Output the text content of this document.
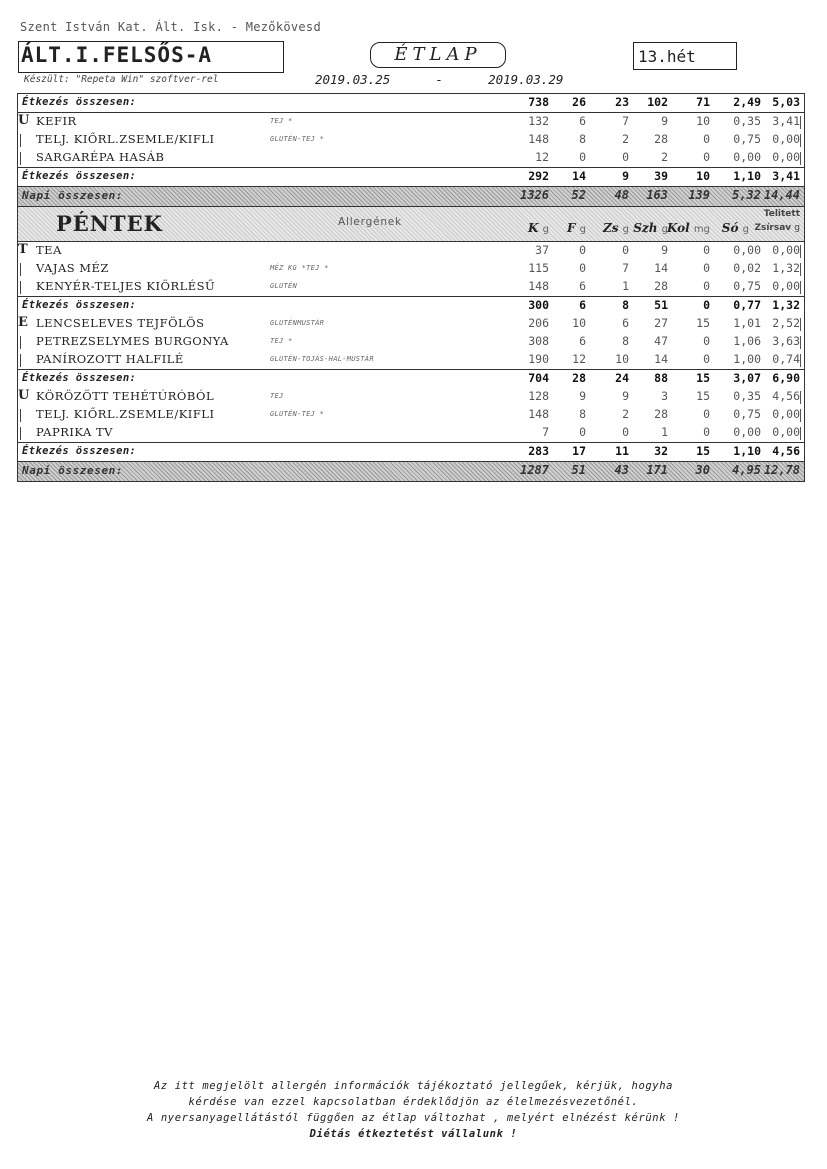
Szent István Kat. Ált. Isk. - Mezőkövesd
ÁLT.I.FELSŐS-A	ÉTLAP	13.hét
Készült: "Repeta Win" szoftver-rel	2019.03.25	-	2019.03.29
Étkezés összesen:	738 26	23 102 71 2,49 5,03
U KEFIR	TEJ *	132	6	7	9 10 0,35 3,41
TELJ. KIŐRL.ZSEMLE/KIFLI	GLUTÉN-TEJ *	148	8	2 28	0 0,75 0,00
SARGARÉPA HASÁB	12	0	0	2	0 0,00 0,00
Étkezés összesen:	292 14	9 39 10 1,10 3,41
Napi összesen:	1326 52 48 163 139 5,32 14,44
PÉNTEK	Allergének	K g F g Zs g Szh g Kol mg Só g
Telitett
Zsírsav g
T TEA	37	0	0	9	0 0,00 0,00
VAJAS MÉZ	MÉZ KG *TEJ *	115	0	7 14	0 0,02 1,32
KENYÉR-TELJES KIÖRLÉSŰ	GLUTÉN	148	6	1 28	0 0,75 0,00
Étkezés összesen:	300	6	8 51	0 0,77 1,32
E LENCSELEVES TEJFÖLÖS	GLUTÉNMUSTÁR	206 10	6 27 15 1,01 2,52
PETREZSELYMES BURGONYA	TEJ *	308	6	8 47	0 1,06 3,63
PANÍROZOTT HALFILÉ	GLUTÉN-TOJÁS-HAL-MUSTÁR	190 12	10 14	0 1,00 0,74
Étkezés összesen:	704 28	24 88 15 3,07 6,90
U KÖRÖZÖTT TEHÉTÚRÓBÓL	TEJ	128	9	9	3 15 0,35 4,56
TELJ. KIŐRL.ZSEMLE/KIFLI	GLUTÉN-TEJ *	148	8	2 28	0 0,75 0,00
PAPRIKA TV	7	0	0	1	0 0,00 0,00
Étkezés összesen:	283 17	11 32 15 1,10 4,56
Napi összesen:	1287 51 43 171 30 4,95 12,78
Az itt megjelölt allergén információk tájékoztató jellegűek, kérjük, hogyha
kérdése van ezzel kapcsolatban érdeklődjön az élelmezésvezetőnél.
A nyersanyagellátástól függően az étlap változhat , melyért elnézést kérünk !
Diétás étkeztetést vállalunk !
